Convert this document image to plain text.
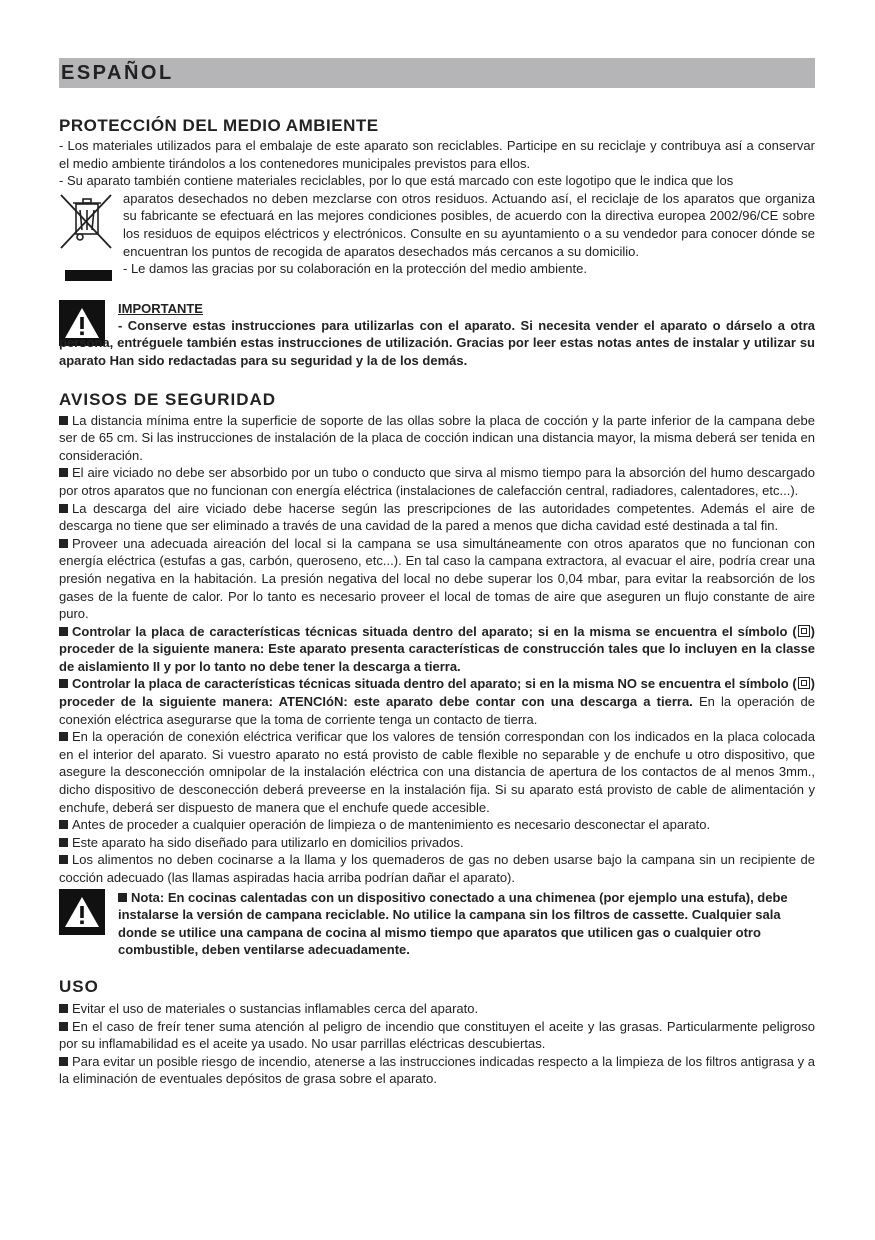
ESPAÑOL
PROTECCIÓN DEL MEDIO AMBIENTE

- Los materiales utilizados para el embalaje de este aparato son reciclables. Participe en su reciclaje y contribuya así a conservar el medio ambiente tirándolos a los contenedores municipales previstos para ellos.

- Su aparato también contiene materiales reciclables, por lo que está marcado con este logotipo que le indica que los

aparatos desechados no deben mezclarse con otros residuos. Actuando así, el reciclaje de los aparatos que organiza su fabricante se efectuará en las mejores condiciones posibles, de acuerdo con la directiva europea 2002/96/CE sobre los residuos de equipos eléctricos y electrónicos. Consulte en su ayuntamiento o a su vendedor para conocer dónde se encuentran los puntos de recogida de aparatos desechados más cercanos a su domicilio.

- Le damos las gracias por su colaboración en la protección del medio ambiente.

IMPORTANTE

- Conserve estas instrucciones para utilizarlas con el aparato. Si necesita vender el aparato o dárselo a otra persona, entréguele también estas instrucciones de utilización. Gracias por leer estas notas antes de instalar y utilizar su aparato Han sido redactadas para su seguridad y la de los demás.

AVISOS DE SEGURIDAD

La distancia mínima entre la superficie de soporte de las ollas sobre la placa de cocción y la parte inferior de la campana debe ser de 65 cm. Si las instrucciones de instalación de la placa de cocción indican una distancia mayor, la misma deberá ser tenida en consideración.

El aire viciado no debe ser absorbido por un tubo o conducto que sirva al mismo tiempo para la absorción del humo descargado por otros aparatos que no funcionan con energía eléctrica (instalaciones de calefacción central, radiadores, calentadores, etc...).

La descarga del aire viciado debe hacerse según las prescripciones de las autoridades competentes. Además el aire de descarga no tiene que ser eliminado a través de una cavidad de la pared a menos que dicha cavidad esté destinada a tal fin.

Proveer una adecuada aireación del local si la campana se usa simultáneamente con otros aparatos que no funcionan con energía eléctrica (estufas a gas, carbón, queroseno, etc...). En tal caso la campana extractora, al evacuar el aire, podría crear una presión negativa en la habitación. La presión negativa del local no debe superar los 0,04 mbar, para evitar la reabsorción de los gases de la fuente de calor. Por lo tanto es necesario proveer el local de tomas de aire que aseguren un flujo constante de aire puro.

Controlar la placa de características técnicas situada dentro del aparato; si en la misma se encuentra el símbolo ( ) proceder de la siguiente manera: Este aparato presenta características de construcción tales que lo incluyen en la classe de aislamiento II y por lo tanto no debe tener la descarga a tierra.

Controlar la placa de características técnicas situada dentro del aparato; si en la misma NO se encuentra el símbolo ( ) proceder de la siguiente manera: ATENCIóN: este aparato debe contar con una descarga a tierra. En la operación de conexión eléctrica asegurarse que la toma de corriente tenga un contacto de tierra.

En la operación de conexión eléctrica verificar que los valores de tensión correspondan con los indicados en la placa colocada en el interior del aparato. Si vuestro aparato no está provisto de cable flexible no separable y de enchufe u otro dispositivo, que asegure la desconección omnipolar de la instalación eléctrica con una distancia de apertura de los contactos de al menos 3mm., dicho dispositivo de desconección deberá preveerse en la instalación fija. Si su aparato está provisto de cable de alimentación y enchufe, deberá ser dispuesto de manera que el enchufe quede accesible.

Antes de proceder a cualquier operación de limpieza o de mantenimiento es necesario desconectar el aparato.

Este aparato ha sido diseñado para utilizarlo en domicilios privados.

Los alimentos no deben cocinarse a la llama y los quemaderos de gas no deben usarse bajo la campana sin un recipiente de cocción adecuado (las llamas aspiradas hacia arriba podrían dañar el aparato).

Nota: En cocinas calentadas con un dispositivo conectado a una chimenea (por ejemplo una estufa), debe instalarse la versión de campana reciclable. No utilice la campana sin los filtros de cassette. Cualquier sala donde se utilice una campana de cocina al mismo tiempo que aparatos que utilicen gas o cualquier otro combustible, deben ventilarse adecuadamente.

USO

Evitar el uso de materiales o sustancias inflamables cerca del aparato.

En el caso de freír tener suma atención al peligro de incendio que constituyen el aceite y las grasas. Particularmente peligroso por su inflamabilidad es el aceite ya usado. No usar parrillas eléctricas descubiertas.

Para evitar un posible riesgo de incendio, atenerse a las instrucciones indicadas respecto a la limpieza de los filtros antigrasa y a la eliminación de eventuales depósitos de grasa sobre el aparato.
